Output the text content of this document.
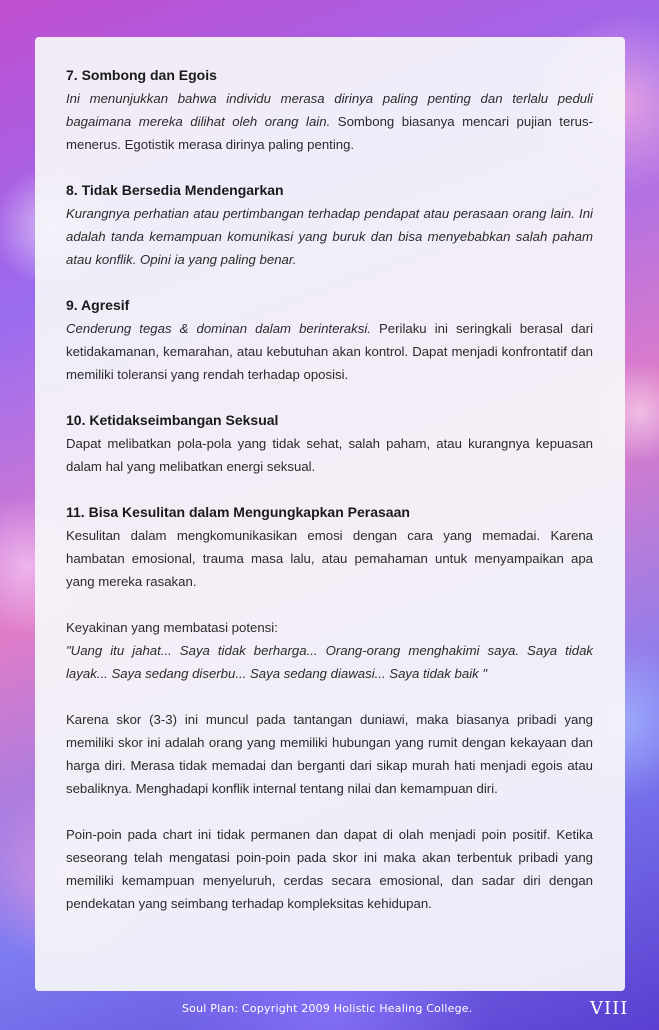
7. Sombong dan Egois
Ini menunjukkan bahwa individu merasa dirinya paling penting dan terlalu peduli bagaimana mereka dilihat oleh orang lain. Sombong biasanya mencari pujian terus-menerus. Egotistik merasa dirinya paling penting.
8. Tidak Bersedia Mendengarkan
Kurangnya perhatian atau pertimbangan terhadap pendapat atau perasaan orang lain. Ini adalah tanda kemampuan komunikasi yang buruk dan bisa menyebabkan salah paham atau konflik. Opini ia yang paling benar.
9. Agresif
Cenderung tegas & dominan dalam berinteraksi. Perilaku ini seringkali berasal dari ketidakamanan, kemarahan, atau kebutuhan akan kontrol. Dapat menjadi konfrontatif dan memiliki toleransi yang rendah terhadap oposisi.
10. Ketidakseimbangan Seksual
Dapat melibatkan pola-pola yang tidak sehat, salah paham, atau kurangnya kepuasan dalam hal yang melibatkan energi seksual.
11. Bisa Kesulitan dalam Mengungkapkan Perasaan
Kesulitan dalam mengkomunikasikan emosi dengan cara yang memadai. Karena hambatan emosional, trauma masa lalu, atau pemahaman untuk menyampaikan apa yang mereka rasakan.
Keyakinan yang membatasi potensi:
"Uang itu jahat... Saya tidak berharga... Orang-orang menghakimi saya. Saya tidak layak... Saya sedang diserbu... Saya sedang diawasi... Saya tidak baik "
Karena skor (3-3) ini muncul pada tantangan duniawi, maka biasanya pribadi yang memiliki skor ini adalah orang yang memiliki hubungan yang rumit dengan kekayaan dan harga diri. Merasa tidak memadai dan berganti dari sikap murah hati menjadi egois atau sebaliknya. Menghadapi konflik internal tentang nilai dan kemampuan diri.
Poin-poin pada chart ini tidak permanen dan dapat di olah menjadi poin positif. Ketika seseorang telah mengatasi poin-poin pada skor ini maka akan terbentuk pribadi yang memiliki kemampuan menyeluruh, cerdas secara emosional, dan sadar diri dengan pendekatan yang seimbang terhadap kompleksitas kehidupan.
Soul Plan: Copyright 2009 Holistic Healing College.	VIII
